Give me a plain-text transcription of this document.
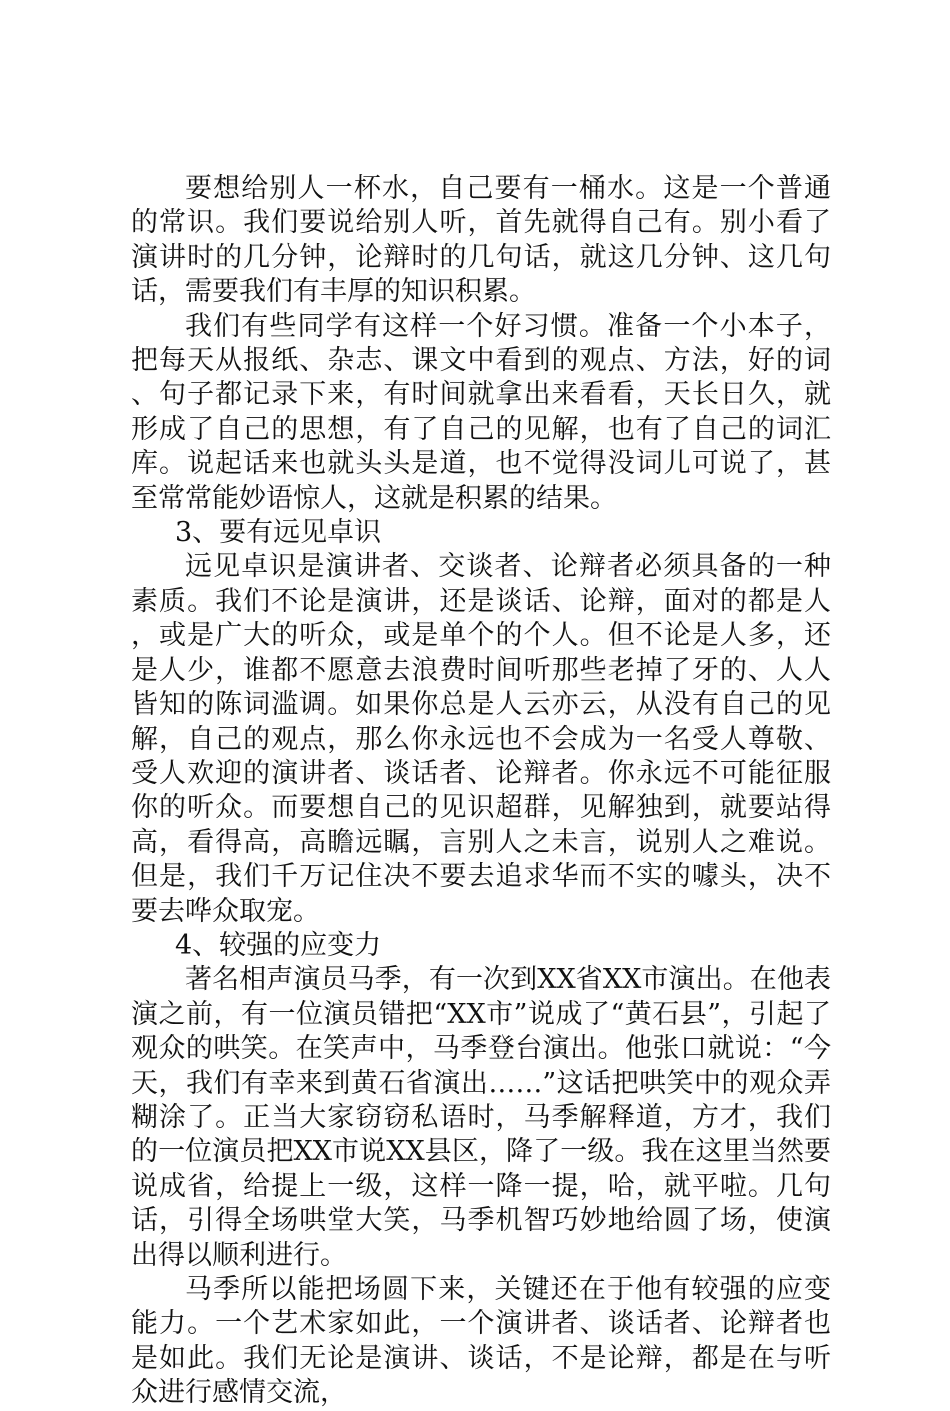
要想给别人一杯水，自己要有一桶水。这是一个普通的常识。我们要说给别人听，首先就得自己有。别小看了演讲时的几分钟，论辩时的几句话，就这几分钟、这几句话，需要我们有丰厚的知识积累。

我们有些同学有这样一个好习惯。准备一个小本子，把每天从报纸、杂志、课文中看到的观点、方法，好的词、句子都记录下来，有时间就拿出来看看，天长日久，就形成了自己的思想，有了自己的见解，也有了自己的词汇库。说起话来也就头头是道，也不觉得没词儿可说了，甚至常常能妙语惊人，这就是积累的结果。

3、要有远见卓识

远见卓识是演讲者、交谈者、论辩者必须具备的一种素质。我们不论是演讲，还是谈话、论辩，面对的都是人，或是广大的听众，或是单个的个人。但不论是人多，还是人少，谁都不愿意去浪费时间听那些老掉了牙的、人人皆知的陈词滥调。如果你总是人云亦云，从没有自己的见解，自己的观点，那么你永远也不会成为一名受人尊敬、受人欢迎的演讲者、谈话者、论辩者。你永远不可能征服你的听众。而要想自己的见识超群，见解独到，就要站得高，看得高，高瞻远瞩，言别人之未言，说别人之难说。但是，我们千万记住决不要去追求华而不实的噱头，决不要去哗众取宠。

4、较强的应变力

著名相声演员马季，有一次到XX省XX市演出。在他表演之前，有一位演员错把“XX市”说成了“黄石县”，引起了观众的哄笑。在笑声中，马季登台演出。他张口就说：“今天，我们有幸来到黄石省演出……”这话把哄笑中的观众弄糊涂了。正当大家窃窃私语时，马季解释道，方才，我们的一位演员把XX市说XX县区，降了一级。我在这里当然要说成省，给提上一级，这样一降一提，哈，就平啦。几句话，引得全场哄堂大笑，马季机智巧妙地给圆了场，使演出得以顺利进行。

马季所以能把场圆下来，关键还在于他有较强的应变能力。一个艺术家如此，一个演讲者、谈话者、论辩者也是如此。我们无论是演讲、谈话，不是论辩，都是在与听众进行感情交流，
